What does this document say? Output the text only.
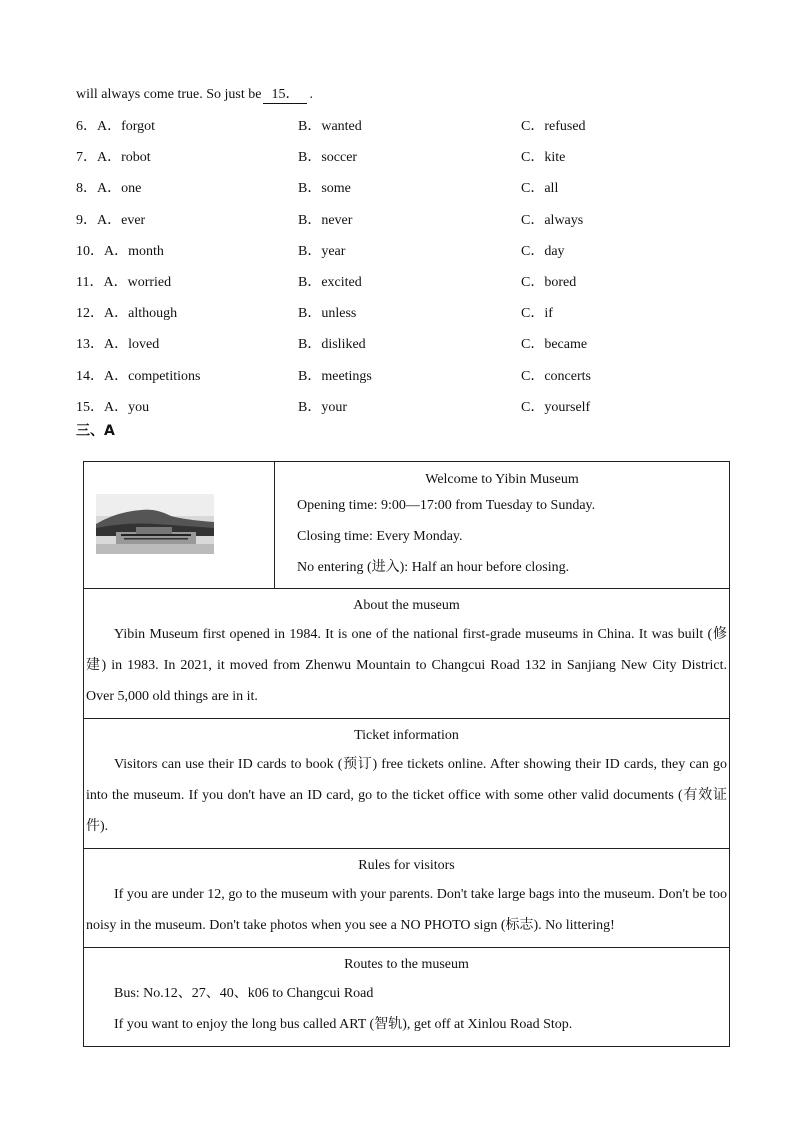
will always come true. So just be 15． .
6．A．forgot	B．wanted	C．refused
7．A．robot	B．soccer	C．kite
8．A．one	B．some	C．all
9．A．ever	B．never	C．always
10．A．month	B．year	C．day
11．A．worried	B．excited	C．bored
12．A．although	B．unless	C．if
13．A．loved	B．disliked	C．became
14．A．competitions	B．meetings	C．concerts
15．A．you	B．your	C．yourself
三、A

Welcome to Yibin Museum

Opening time: 9:00—17:00 from Tuesday to Sunday.

Closing time: Every Monday.

No entering (进入): Half an hour before closing.

About the museum
Yibin Museum first opened in 1984. It is one of the national first-grade museums in China. It was built (修建) in 1983. In 2021, it moved from Zhenwu Mountain to Changcui Road 132 in Sanjiang New City District. Over 5,000 old things are in it.

Ticket information
Visitors can use their ID cards to book (预订) free tickets online. After showing their ID cards, they can go into the museum. If you don't have an ID card, go to the ticket office with some other valid documents (有效证件).

Rules for visitors
If you are under 12, go to the museum with your parents. Don't take large bags into the museum. Don't be too noisy in the museum. Don't take photos when you see a NO PHOTO sign (标志). No littering!

Routes to the museum
Bus: No.12、27、40、k06 to Changcui Road
If you want to enjoy the long bus called ART (智轨), get off at Xinlou Road Stop.
